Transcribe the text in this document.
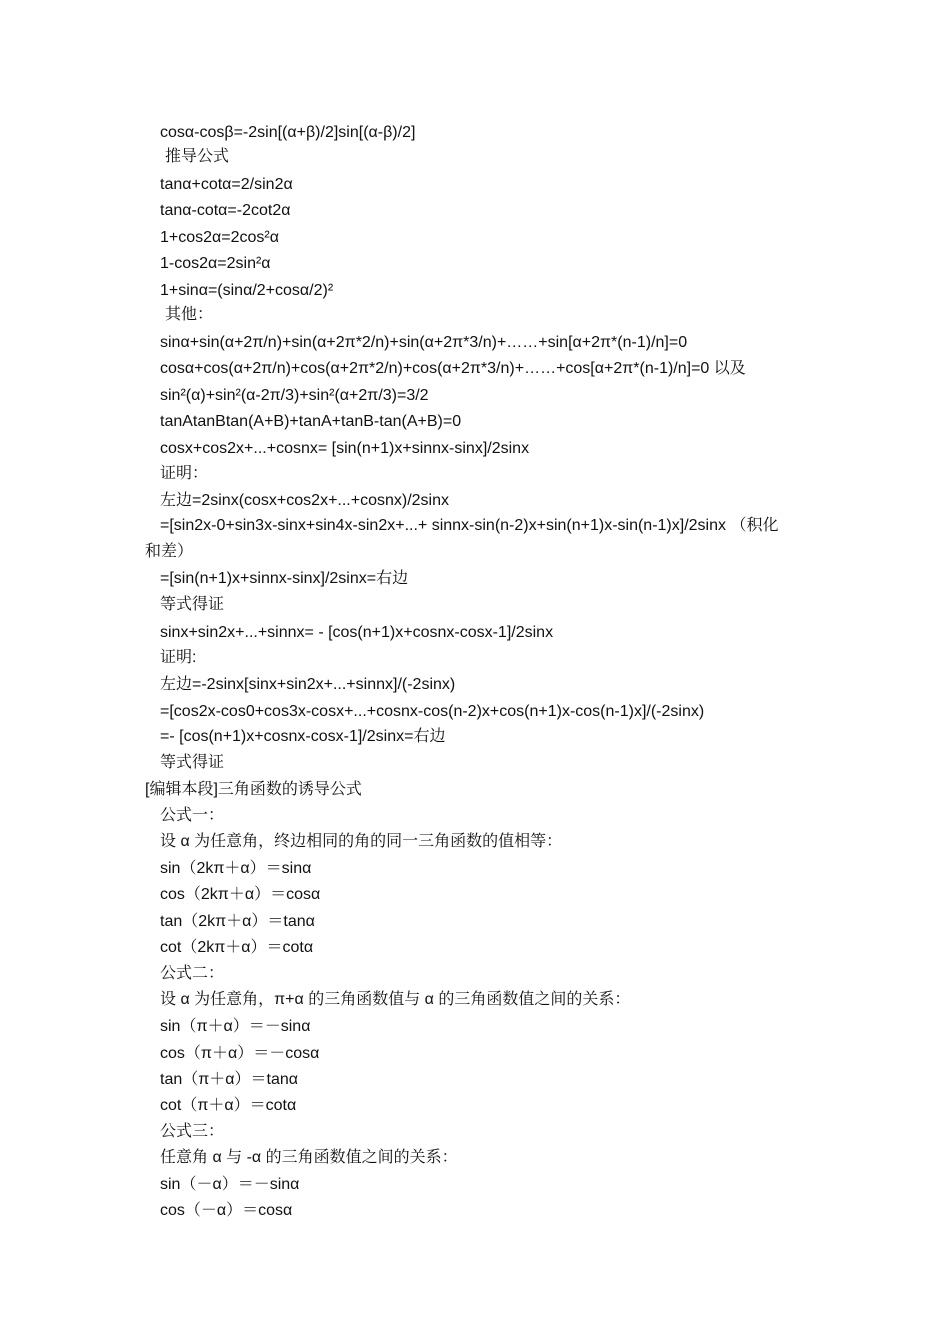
cosα-cosβ=-2sin[(α+β)/2]sin[(α-β)/2]
推导公式
tanα+cotα=2/sin2α
tanα-cotα=-2cot2α
1+cos2α=2cos²α
1-cos2α=2sin²α
1+sinα=(sinα/2+cosα/2)²
其他：
sinα+sin(α+2π/n)+sin(α+2π*2/n)+sin(α+2π*3/n)+……+sin[α+2π*(n-1)/n]=0
cosα+cos(α+2π/n)+cos(α+2π*2/n)+cos(α+2π*3/n)+……+cos[α+2π*(n-1)/n]=0 以及
sin²(α)+sin²(α-2π/3)+sin²(α+2π/3)=3/2
tanAtanBtan(A+B)+tanA+tanB-tan(A+B)=0
cosx+cos2x+...+cosnx= [sin(n+1)x+sinnx-sinx]/2sinx
证明：
左边=2sinx(cosx+cos2x+...+cosnx)/2sinx
=[sin2x-0+sin3x-sinx+sin4x-sin2x+...+ sinnx-sin(n-2)x+sin(n+1)x-sin(n-1)x]/2sinx （积化
和差）
=[sin(n+1)x+sinnx-sinx]/2sinx=右边
等式得证
sinx+sin2x+...+sinnx= - [cos(n+1)x+cosnx-cosx-1]/2sinx
证明:
左边=-2sinx[sinx+sin2x+...+sinnx]/(-2sinx)
=[cos2x-cos0+cos3x-cosx+...+cosnx-cos(n-2)x+cos(n+1)x-cos(n-1)x]/(-2sinx)
=- [cos(n+1)x+cosnx-cosx-1]/2sinx=右边
等式得证
[编辑本段]三角函数的诱导公式
公式一：
设 α 为任意角，终边相同的角的同一三角函数的值相等：
sin（2kπ＋α）＝sinα
cos（2kπ＋α）＝cosα
tan（2kπ＋α）＝tanα
cot（2kπ＋α）＝cotα
公式二：
设 α 为任意角，π+α 的三角函数值与 α 的三角函数值之间的关系：
sin（π＋α）＝－sinα
cos（π＋α）＝－cosα
tan（π＋α）＝tanα
cot（π＋α）＝cotα
公式三：
任意角 α 与 -α 的三角函数值之间的关系：
sin（－α）＝－sinα
cos（－α）＝cosα
